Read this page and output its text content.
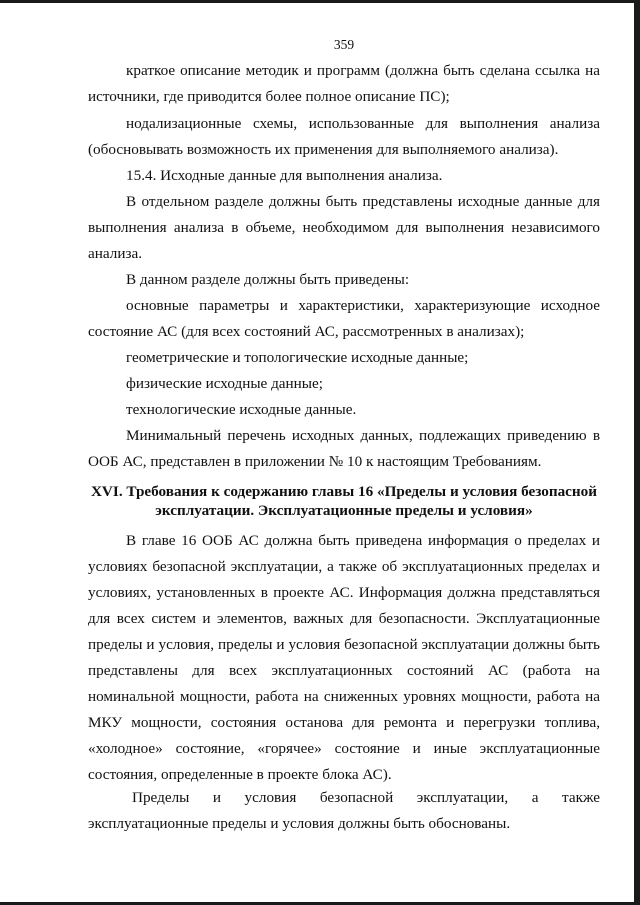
359
краткое описание методик и программ (должна быть сделана ссылка на источники, где приводится более полное описание ПС);
нодализационные схемы, использованные для выполнения анализа (обосновывать возможность их применения для выполняемого анализа).
15.4. Исходные данные для выполнения анализа.
В отдельном разделе должны быть представлены исходные данные для выполнения анализа в объеме, необходимом для выполнения независимого анализа.
В данном разделе должны быть приведены:
основные параметры и характеристики, характеризующие исходное состояние АС (для всех состояний АС, рассмотренных в анализах);
геометрические и топологические исходные данные;
физические исходные данные;
технологические исходные данные.
Минимальный перечень исходных данных, подлежащих приведению в ООБ АС, представлен в приложении № 10 к настоящим Требованиям.
XVI. Требования к содержанию главы 16 «Пределы и условия безопасной
эксплуатации. Эксплуатационные пределы и условия»
В главе 16 ООБ АС должна быть приведена информация о пределах и условиях безопасной эксплуатации, а также об эксплуатационных пределах и условиях, установленных в проекте АС. Информация должна представляться для всех систем и элементов, важных для безопасности. Эксплуатационные пределы и условия, пределы и условия безопасной эксплуатации должны быть представлены для всех эксплуатационных состояний АС (работа на номинальной мощности, работа на сниженных уровнях мощности, работа на МКУ мощности, состояния останова для ремонта и перегрузки топлива, «холодное» состояние, «горячее» состояние и иные эксплуатационные состояния, определенные в проекте блока АС).
Пределы и условия безопасной эксплуатации, а также эксплуатационные пределы и условия должны быть обоснованы.
